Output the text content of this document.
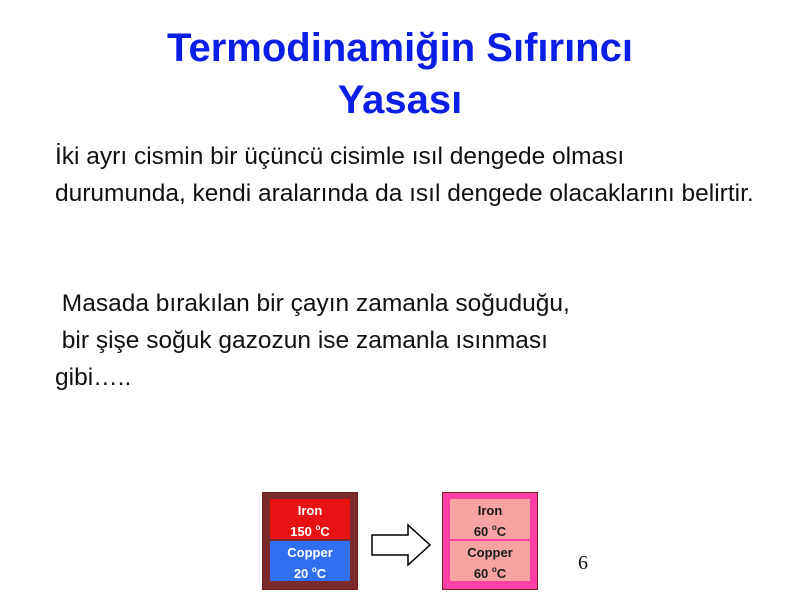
Termodinamiğin Sıfırıncı
Yasası
İki ayrı cismin bir üçüncü cisimle ısıl dengede olması durumunda, kendi aralarında da ısıl dengede olacaklarını belirtir.
Masada bırakılan bir çayın zamanla soğuduğu,
bir şişe soğuk gazozun ise zamanla ısınması
gibi…..
Iron
150 $^o$C
Copper
20 $^o$C
Iron
60 $^o$C
Copper
60 $^o$C	6
